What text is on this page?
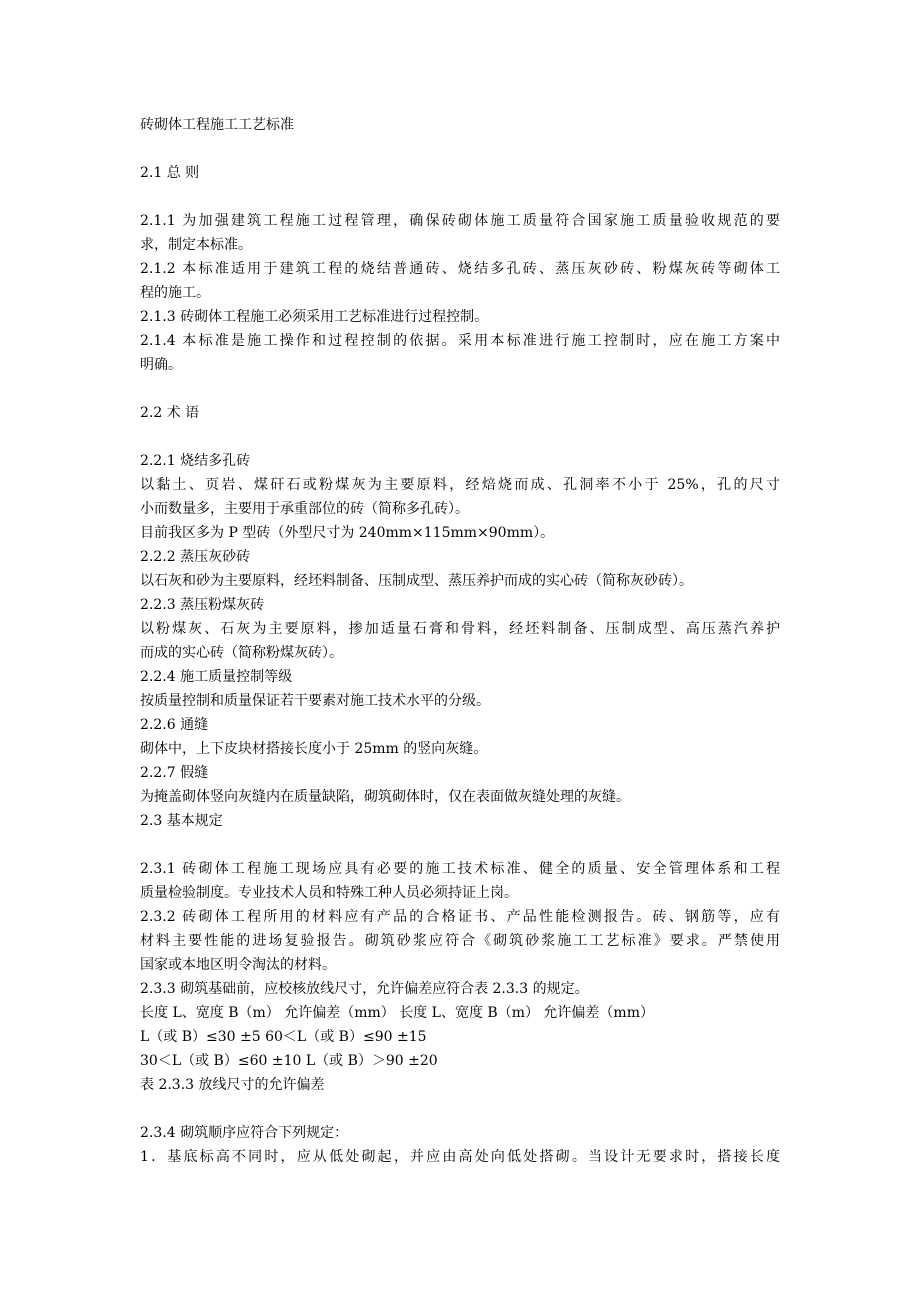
砖砌体工程施工工艺标准
2.1 总 则
2.1.1 为加强建筑工程施工过程管理，确保砖砌体施工质量符合国家施工质量验收规范的要
求，制定本标准。
2.1.2 本标准适用于建筑工程的烧结普通砖、烧结多孔砖、蒸压灰砂砖、粉煤灰砖等砌体工
程的施工。
2.1.3 砖砌体工程施工必须采用工艺标准进行过程控制。
2.1.4 本标准是施工操作和过程控制的依据。采用本标准进行施工控制时，应在施工方案中
明确。
2.2 术 语
2.2.1 烧结多孔砖
以黏土、页岩、煤矸石或粉煤灰为主要原料，经焙烧而成、孔洞率不小于 25%，孔的尺寸
小而数量多，主要用于承重部位的砖（简称多孔砖）。
目前我区多为 P 型砖（外型尺寸为 240mm×115mm×90mm）。
2.2.2 蒸压灰砂砖
以石灰和砂为主要原料，经坯料制备、压制成型、蒸压养护而成的实心砖（简称灰砂砖）。
2.2.3 蒸压粉煤灰砖
以粉煤灰、石灰为主要原料，掺加适量石膏和骨料，经坯料制备、压制成型、高压蒸汽养护
而成的实心砖（简称粉煤灰砖）。
2.2.4 施工质量控制等级
按质量控制和质量保证若干要素对施工技术水平的分级。
2.2.6 通缝
砌体中，上下皮块材搭接长度小于 25mm 的竖向灰缝。
2.2.7 假缝
为掩盖砌体竖向灰缝内在质量缺陷，砌筑砌体时，仅在表面做灰缝处理的灰缝。
2.3 基本规定
2.3.1 砖砌体工程施工现场应具有必要的施工技术标准、健全的质量、安全管理体系和工程
质量检验制度。专业技术人员和特殊工种人员必须持证上岗。
2.3.2 砖砌体工程所用的材料应有产品的合格证书、产品性能检测报告。砖、钢筋等，应有
材料主要性能的进场复验报告。砌筑砂浆应符合《砌筑砂浆施工工艺标准》要求。严禁使用
国家或本地区明令淘汰的材料。
2.3.3 砌筑基础前，应校核放线尺寸，允许偏差应符合表 2.3.3 的规定。
长度 L、宽度 B（m） 允许偏差（mm） 长度 L、宽度 B（m） 允许偏差（mm）
L（或 B）≤30 ±5 60＜L（或 B）≤90 ±15
30＜L（或 B）≤60 ±10 L（或 B）＞90 ±20
表 2.3.3 放线尺寸的允许偏差
2.3.4 砌筑顺序应符合下列规定：
1．基底标高不同时，应从低处砌起，并应由高处向低处搭砌。当设计无要求时，搭接长度
